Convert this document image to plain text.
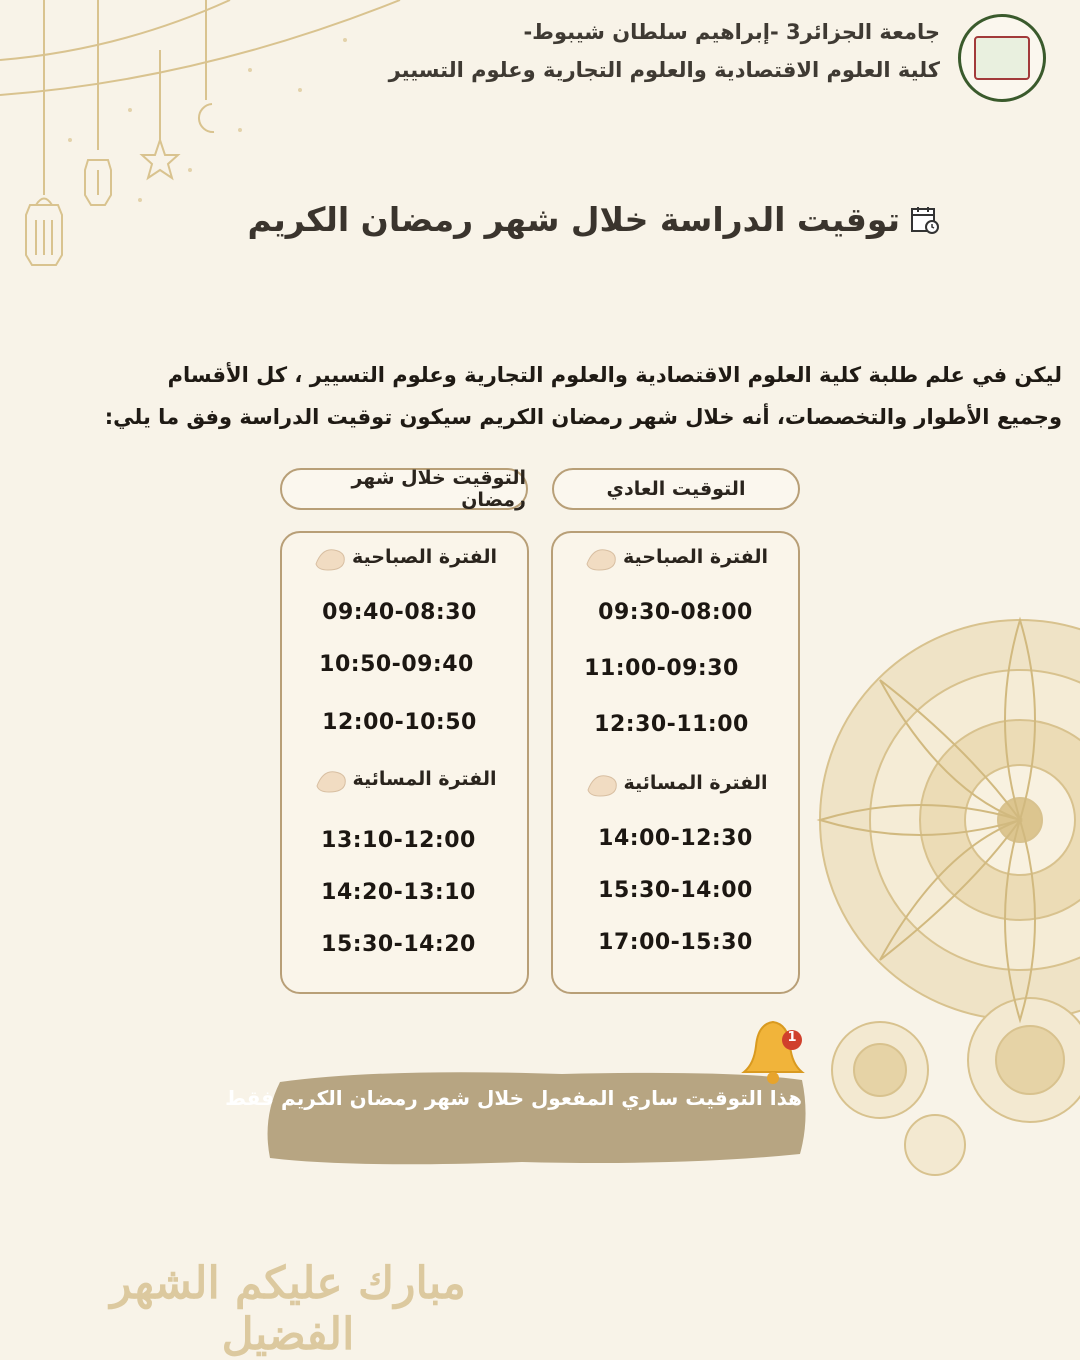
جامعة الجزائر3 -إبراهيم سلطان شيبوط-
كلية العلوم الاقتصادية والعلوم التجارية وعلوم التسيير
توقيت الدراسة خلال شهر رمضان الكريم
ليكن في علم طلبة كلية العلوم الاقتصادية والعلوم التجارية وعلوم التسيير ، كل الأقسام وجميع الأطوار والتخصصات، أنه خلال شهر رمضان الكريم سيكون توقيت الدراسة وفق ما يلي:
التوقيت العادي
التوقيت خلال شهر رمضان
الفترة الصباحية
09:30-08:00
11:00-09:30
12:30-11:00
الفترة المسائية
14:00-12:30
15:30-14:00
17:00-15:30
الفترة الصباحية
09:40-08:30
10:50-09:40
12:00-10:50
الفترة المسائية
13:10-12:00
14:20-13:10
15:30-14:20
1
هذا التوقيت ساري المفعول خلال شهر رمضان الكريم فقط
مبارك عليكم الشهر الفضيل
